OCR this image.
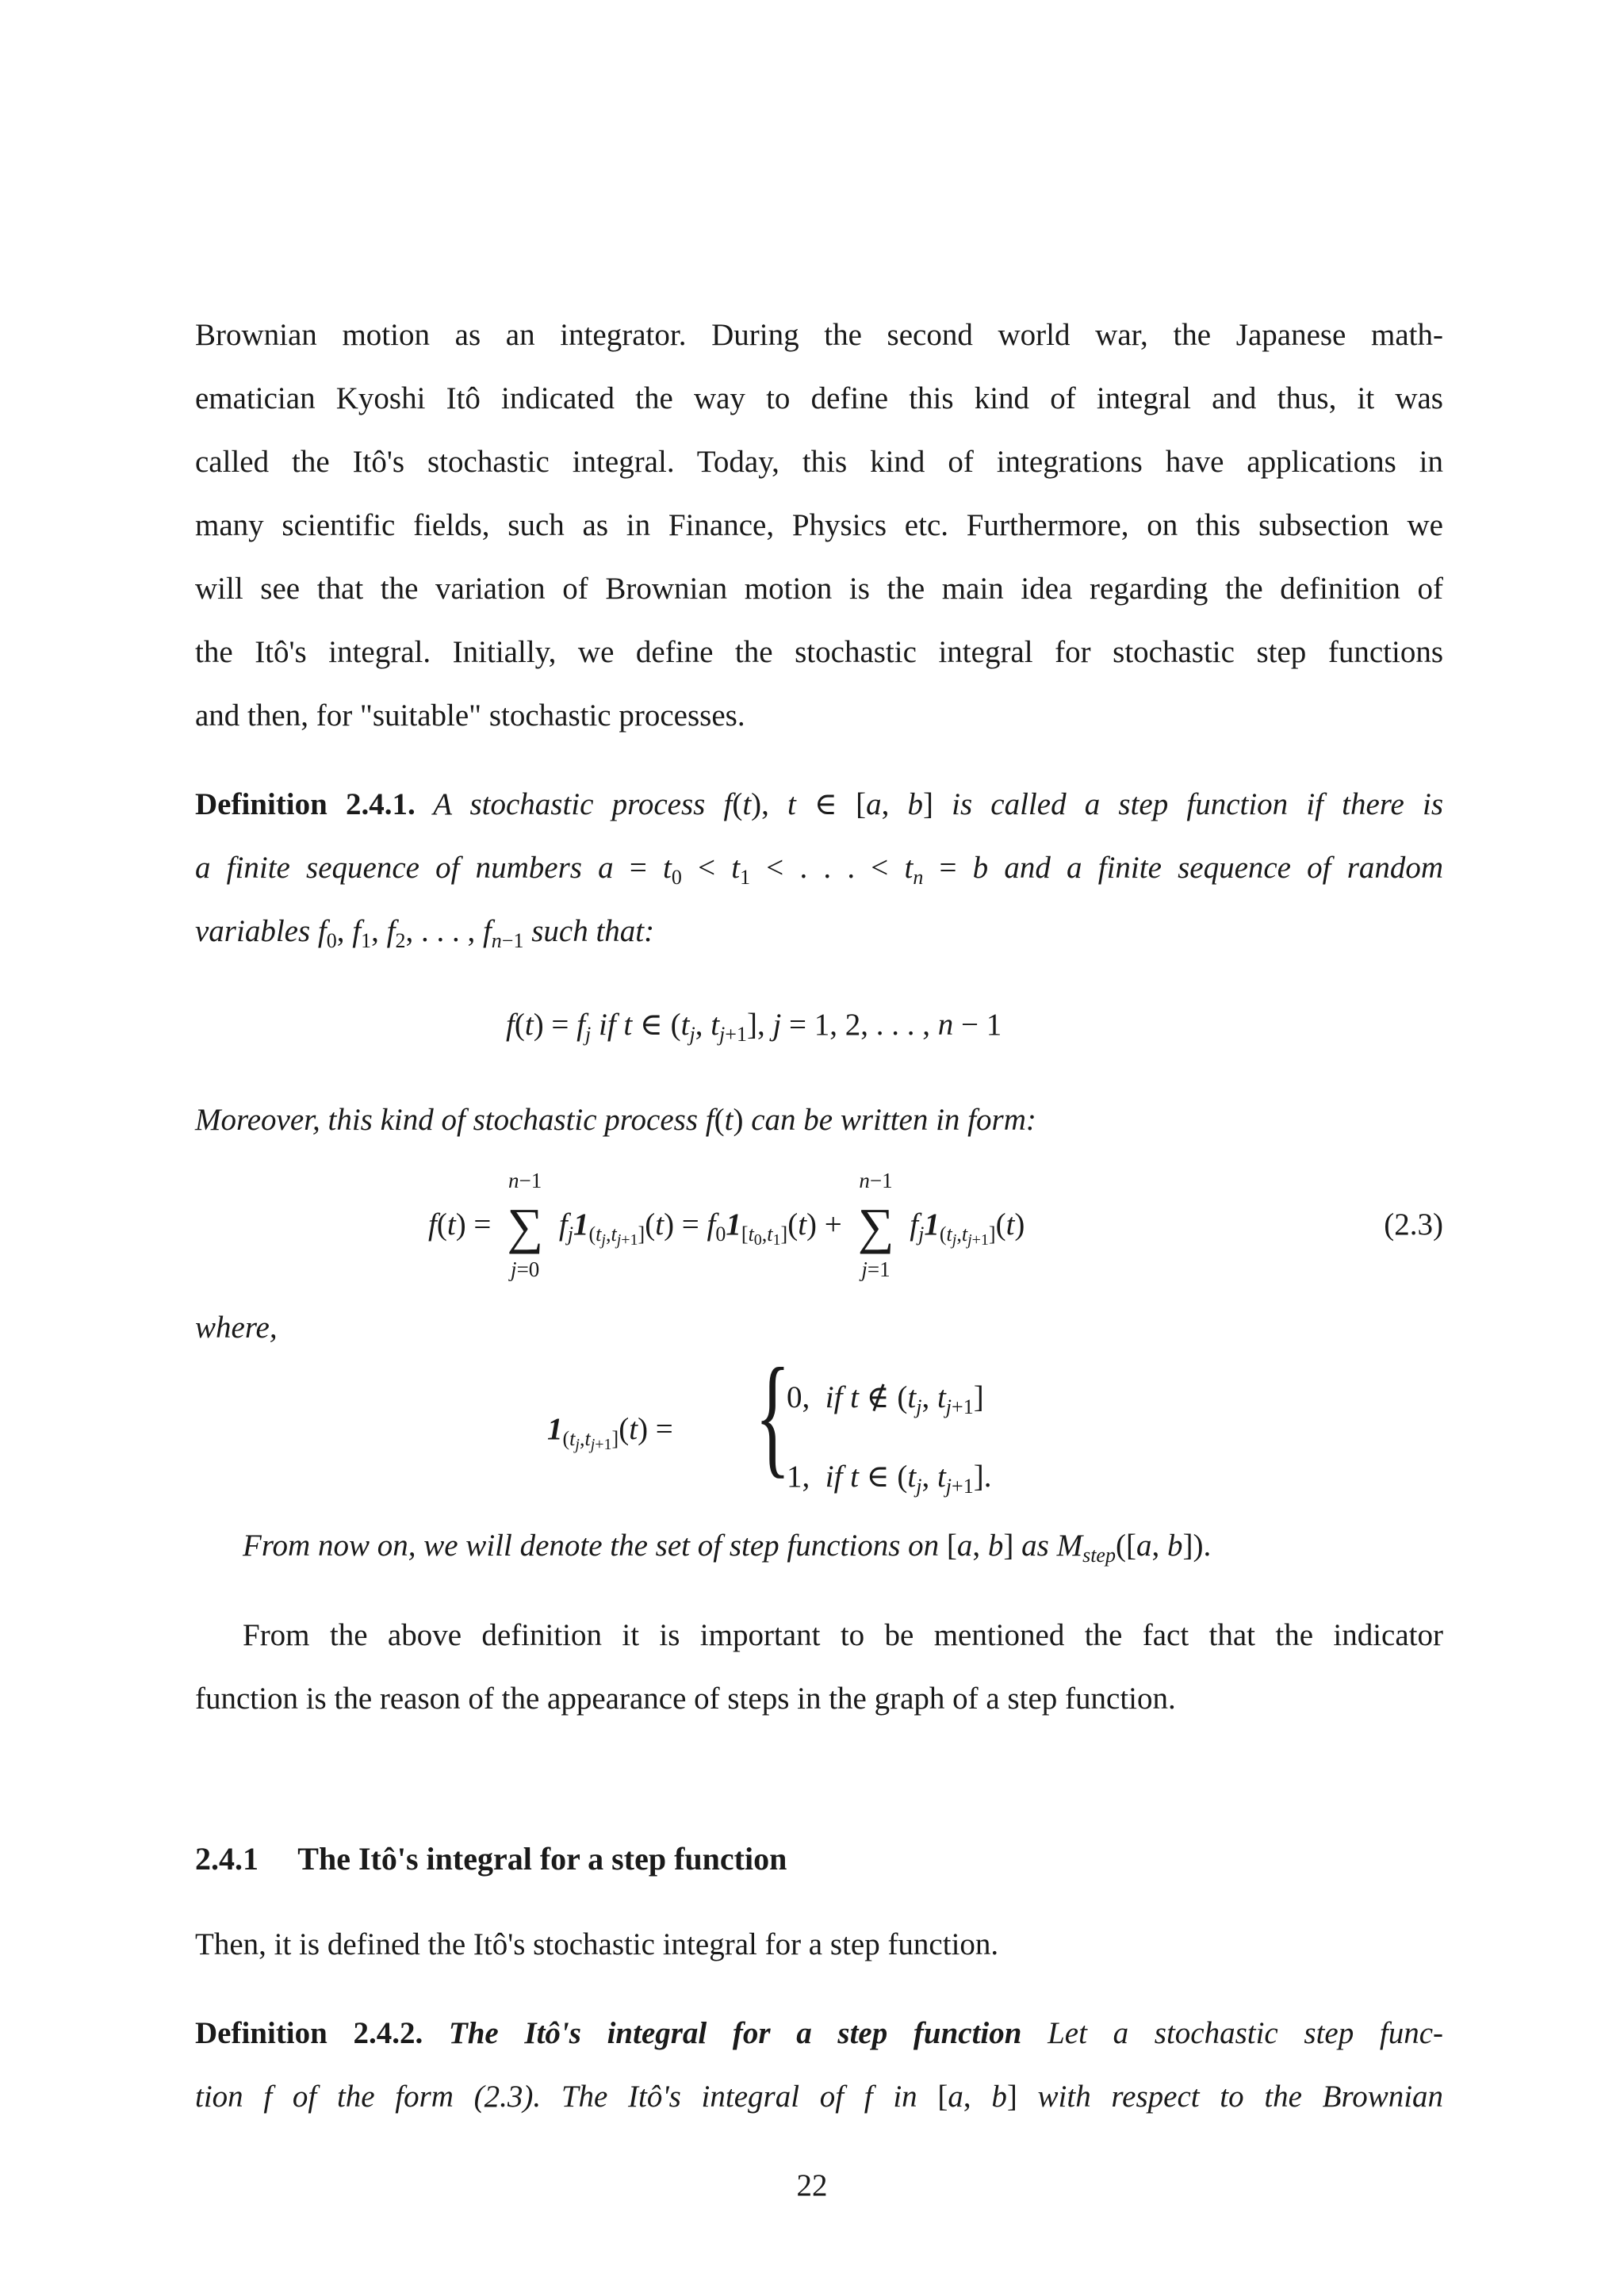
Brownian motion as an integrator. During the second world war, the Japanese math-
ematician Kyoshi Itô indicated the way to define this kind of integral and thus, it was
called the Itô's stochastic integral. Today, this kind of integrations have applications in
many scientific fields, such as in Finance, Physics etc. Furthermore, on this subsection we
will see that the variation of Brownian motion is the main idea regarding the definition of
the Itô's integral. Initially, we define the stochastic integral for stochastic step functions
and then, for "suitable" stochastic processes.
Definition 2.4.1. A stochastic process f(t), t ∈ [a, b] is called a step function if there is
a finite sequence of numbers $a = t_0 < t_1$ < . . . < $t_n = b$ and a finite sequence of random
variables $f_0$, $f_1$, $f_2$, . . . , $f_{n-1}$ such that:
$f(t) = f_j$ if t ∈ ($t_j$, $t_{j+1}$], j = 1, 2, . . . , n − 1
Moreover, this kind of stochastic process f(t) can be written in form:
f(t) =
n−1
∑
j=0
$f_j1_{(t_j,t_{j+1}]}(t) = f_01_{[t_0,t_1]}(t)$ +
n−1
∑
j=1
$f_j1_{(t_j,t_{j+1}]}(t)$	(2.3)
where,
$1_{(t_j,t_{j+1}]}(t)$ = {
0, if t ∉ ($t_j$, $t_{j+1}$]
1, if t ∈ ($t_j$, $t_{j+1}$].
From now on, we will denote the set of step functions on [a, b] as $M_{step}([a$, b]).
From the above definition it is important to be mentioned the fact that the indicator
function is the reason of the appearance of steps in the graph of a step function.
2.4.1 The Itô's integral for a step function
Then, it is defined the Itô's stochastic integral for a step function.
Definition 2.4.2. The Itô's integral for a step function Let a stochastic step func-
tion f of the form (2.3). The Itô's integral of f in [a, b] with respect to the Brownian
22
